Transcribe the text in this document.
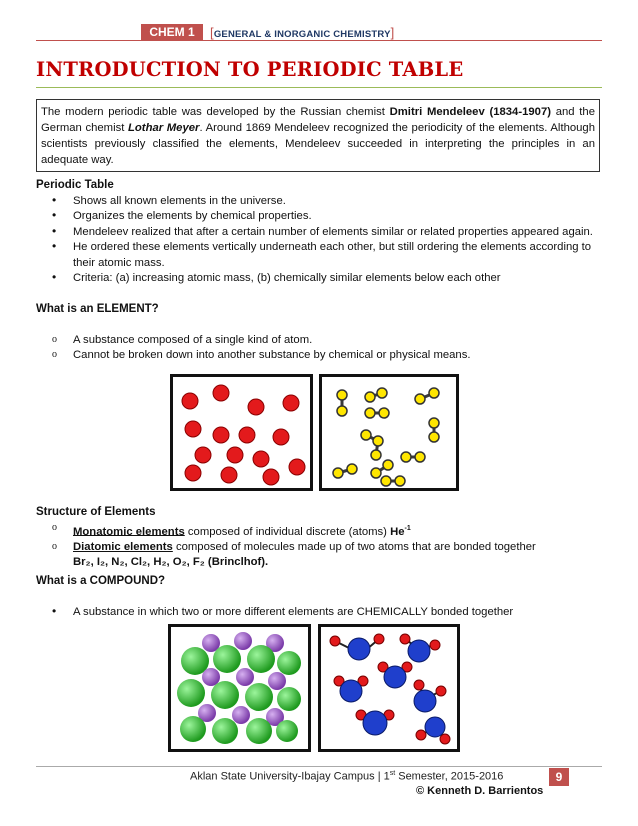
CHEM 1	[GENERAL & INORGANIC CHEMISTRY]
INTRODUCTION TO PERIODIC TABLE
The modern periodic table was developed by the Russian chemist Dmitri Mendeleev (1834-1907) and the German chemist Lothar Meyer. Around 1869 Mendeleev recognized the periodicity of the elements. Although scientists previously classified the elements, Mendeleev succeeded in interpreting the principles in an adequate way.
Periodic Table
• Shows all known elements in the universe.
• Organizes the elements by chemical properties.
• Mendeleev realized that after a certain number of elements similar or related properties appeared again.
• He ordered these elements vertically underneath each other, but still ordering the elements according to their atomic mass.
• Criteria: (a) increasing atomic mass, (b) chemically similar elements below each other
What is an ELEMENT?
o A substance composed of a single kind of atom.
o Cannot be broken down into another substance by chemical or physical means.
Structure of Elements
o Monatomic elements composed of individual discrete (atoms) $He^{-1}$
o Diatomic elements composed of molecules made up of two atoms that are bonded together
Br₂, I₂, N₂, Cl₂, H₂, O₂, F₂ (Brinclhof).
What is a COMPOUND?
• A substance in which two or more different elements are CHEMICALLY bonded together
Aklan State University-Ibajay Campus | 1st Semester, 2015-2016	9
© Kenneth D. Barrientos
